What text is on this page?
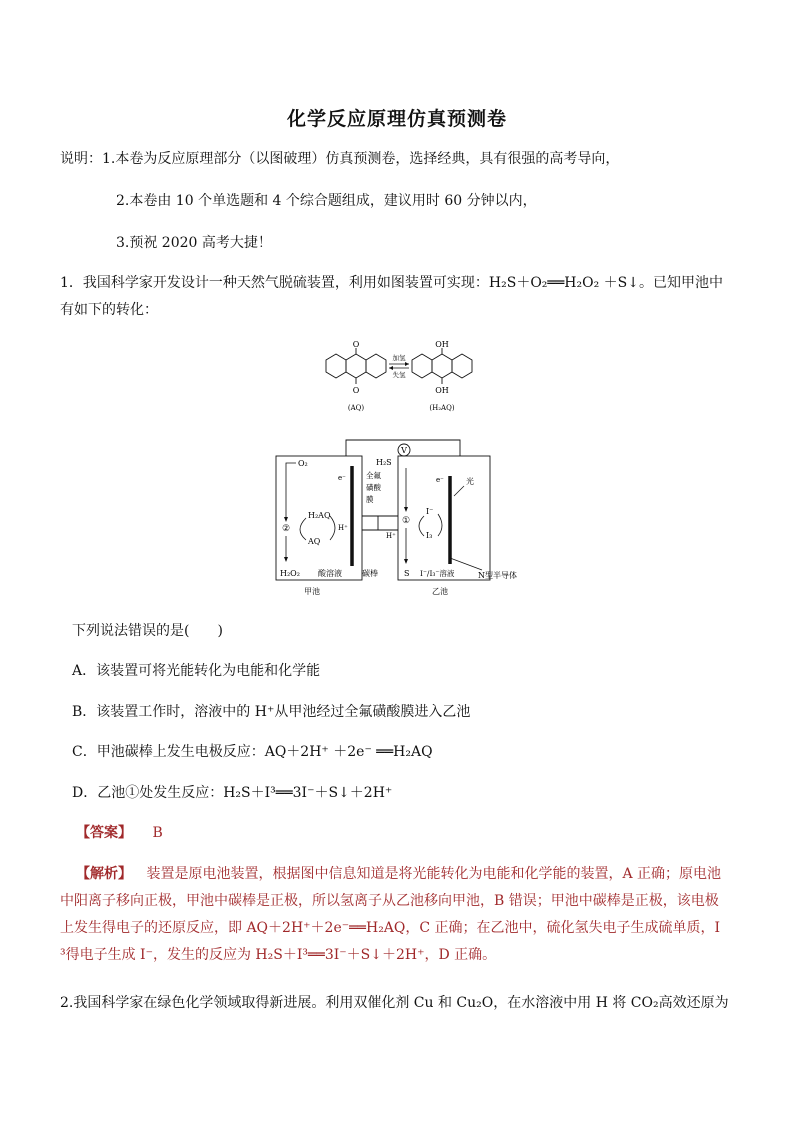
化学反应原理仿真预测卷
说明：1.本卷为反应原理部分（以图破理）仿真预测卷，选择经典，具有很强的高考导向，
2.本卷由 10 个单选题和 4 个综合题组成，建议用时 60 分钟以内，
3.预祝 2020 高考大捷！
1．我国科学家开发设计一种天然气脱硫装置，利用如图装置可实现：H₂S＋O₂══H₂O₂ ＋S↓。已知甲池中
有如下的转化：
O
O
(AQ)
加氢
失氢
OH
OH
(H₂AQ)
V
O₂
e⁻
②
H₂AQ
AQ
H⁺
H₂O₂ 酸溶液	碳棒
全氟
磺酸
膜
H₂S
①
H⁺
e⁻	光
I⁻
I₃
S I⁻/I₃⁻溶液	N型半导体
甲池	乙池
下列说法错误的是(　　)
A．该装置可将光能转化为电能和化学能
B．该装置工作时，溶液中的 H⁺从甲池经过全氟磺酸膜进入乙池
C．甲池碳棒上发生电极反应：AQ＋2H⁺ ＋2e⁻ ══H₂AQ
D．乙池①处发生反应：H₂S＋I³══3I⁻＋S↓＋2H⁺
【答案】 B
【解析】 装置是原电池装置，根据图中信息知道是将光能转化为电能和化学能的装置，A 正确；原电池
中阳离子移向正极，甲池中碳棒是正极，所以氢离子从乙池移向甲池，B 错误；甲池中碳棒是正极，该电极
上发生得电子的还原反应，即 AQ＋2H⁺＋2e⁻══H₂AQ，C 正确；在乙池中，硫化氢失电子生成硫单质，I
³得电子生成 I⁻，发生的反应为 H₂S＋I³══3I⁻＋S↓＋2H⁺，D 正确。
2.我国科学家在绿色化学领域取得新进展。利用双催化剂 Cu 和 Cu₂O，在水溶液中用 H 将 CO₂高效还原为
